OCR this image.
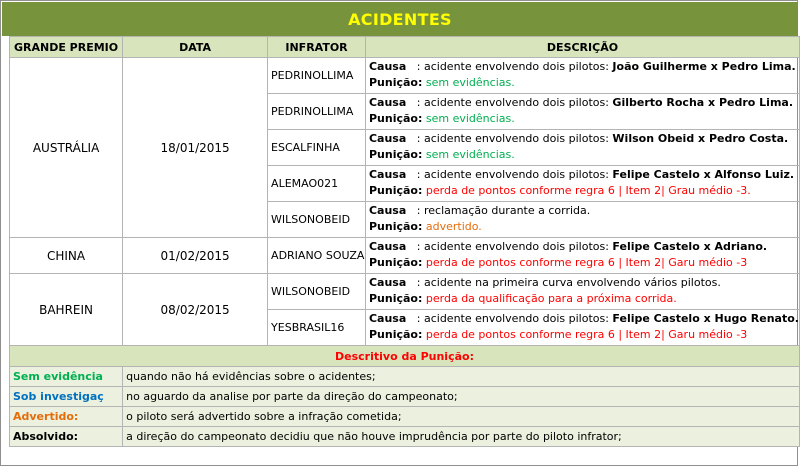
ACIDENTES
GRANDE PREMIO	DATA	INFRATOR	DESCRIÇÃO
AUSTRÁLIA	18/01/2015	PEDRINOLLIMA	Causa : acidente envolvendo dois pilotos: João Guilherme x Pedro Lima.
Punição: sem evidências.

		PEDRINOLLIMA	Causa : acidente envolvendo dois pilotos: Gilberto Rocha x Pedro Lima.
Punição: sem evidências.

		ESCALFINHA	Causa : acidente envolvendo dois pilotos: Wilson Obeid x Pedro Costa.
Punição: sem evidências.

		ALEMAO021	Causa : acidente envolvendo dois pilotos: Felipe Castelo x Alfonso Luiz.
Punição: perda de pontos conforme regra 6 | Item 2| Grau médio -3.

		WILSONOBEID	Causa : reclamação durante a corrida.
Punição: advertido.

CHINA	01/02/2015	ADRIANO SOUZA	Causa : acidente envolvendo dois pilotos: Felipe Castelo x Adriano.
Punição: perda de pontos conforme regra 6 | Item 2| Garu médio -3

BAHREIN	08/02/2015	WILSONOBEID	Causa : acidente na primeira curva envolvendo vários pilotos.
Punição: perda da qualificação para a próxima corrida.

		YESBRASIL16	Causa : acidente envolvendo dois pilotos: Felipe Castelo x Hugo Renato.
Punição: perda de pontos conforme regra 6 | Item 2| Garu médio -3

Descritivo da Punição:			
Sem evidência	quando não há evidências sobre o acidentes;		
Sob investigaç	no aguardo da analise por parte da direção do campeonato;		
Advertido:	o piloto será advertido sobre a infração cometida;		
Absolvido:	a direção do campeonato decidiu que não houve imprudência por parte do piloto infrator;		
